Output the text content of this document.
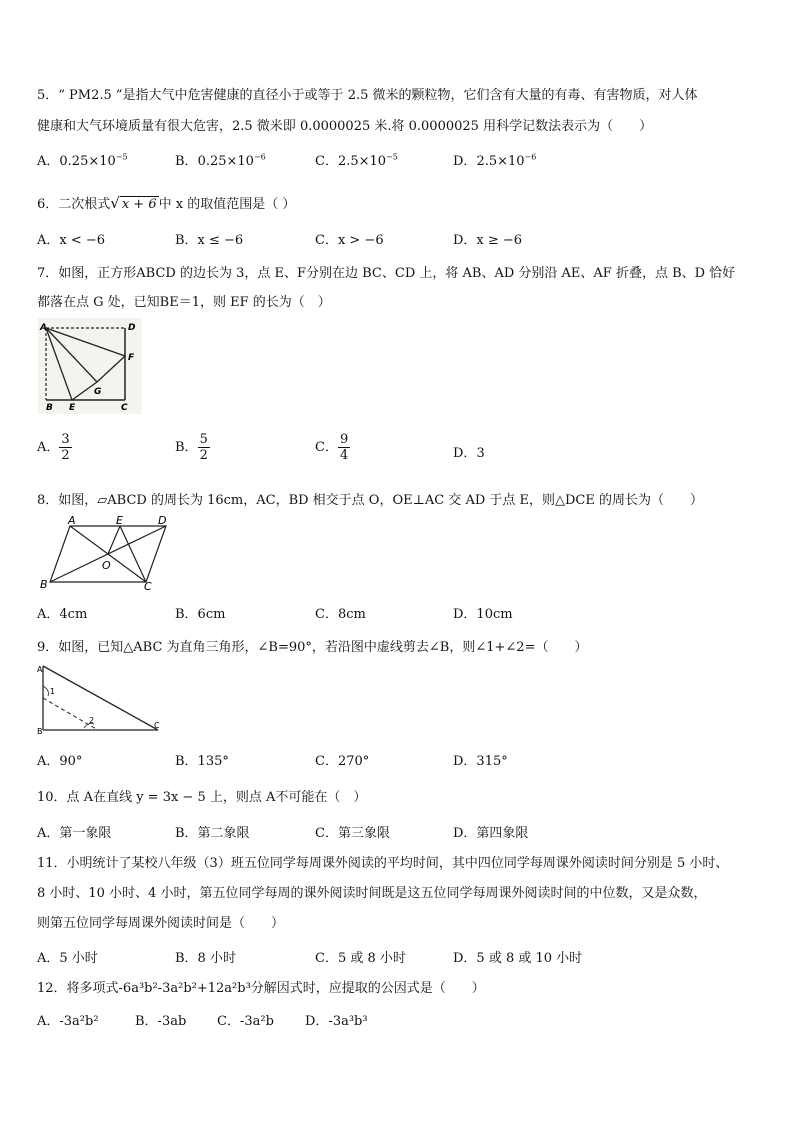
5．“ PM2.5 ”是指大气中危害健康的直径小于或等于 2.5 微米的颗粒物，它们含有大量的有毒、有害物质，对人体
健康和大气环境质量有很大危害，2.5 微米即 0.0000025 米.将 0.0000025 用科学记数法表示为（　　）
A．$0.25\times 10^{-5}$	B．$0.25\times 10^{-6}$	C．$2.5\times 10^{-5}$	D．$2.5\times 10^{-6}$
6．二次根式√ x + 6 中 x 的取值范围是（ ）
A．x < −6	B．x ≤ −6	C．x > −6	D．x ≥ −6
7．如图，正方形ABCD 的边长为 3，点 E、F分别在边 BC、CD 上，将 AB、AD 分别沿 AE、AF 折叠，点 B、D 恰好
都落在点 G 处，已知BE＝1，则 EF 的长为（　）
A	D
F
G
B E	C
A． $\frac{3}{2}$	B． $\frac{5}{2}$	C． $\frac{9}{4}$	D．3
8．如图，▱ABCD 的周长为 16cm，AC，BD 相交于点 O，OE⊥AC 交 AD 于点 E，则△DCE 的周长为（　　）
A	E	D
O
B	C
A．4cm	B．6cm	C．8cm	D．10cm
9．如图，已知△ABC 为直角三角形，∠B=90°，若沿图中虚线剪去∠B，则∠1+∠2=（　　）
A
1
2
B
C
A．90°	B．135°	C．270°	D．315°
10．点 A在直线 y = 3x − 5 上，则点 A不可能在（　）
A．第一象限	B．第二象限	C．第三象限	D．第四象限
11．小明统计了某校八年级（3）班五位同学每周课外阅读的平均时间，其中四位同学每周课外阅读时间分别是 5 小时、
8 小时、10 小时、4 小时，第五位同学每周的课外阅读时间既是这五位同学每周课外阅读时间的中位数，又是众数，
则第五位同学每周课外阅读时间是（　　）
A．5 小时	B．8 小时	C．5 或 8 小时	D．5 或 8 或 10 小时
12．将多项式-6a³b²-3a²b²+12a²b³分解因式时，应提取的公因式是（　　）
A．-3a²b²	B．-3ab C．-3a²b D．-3a³b³
